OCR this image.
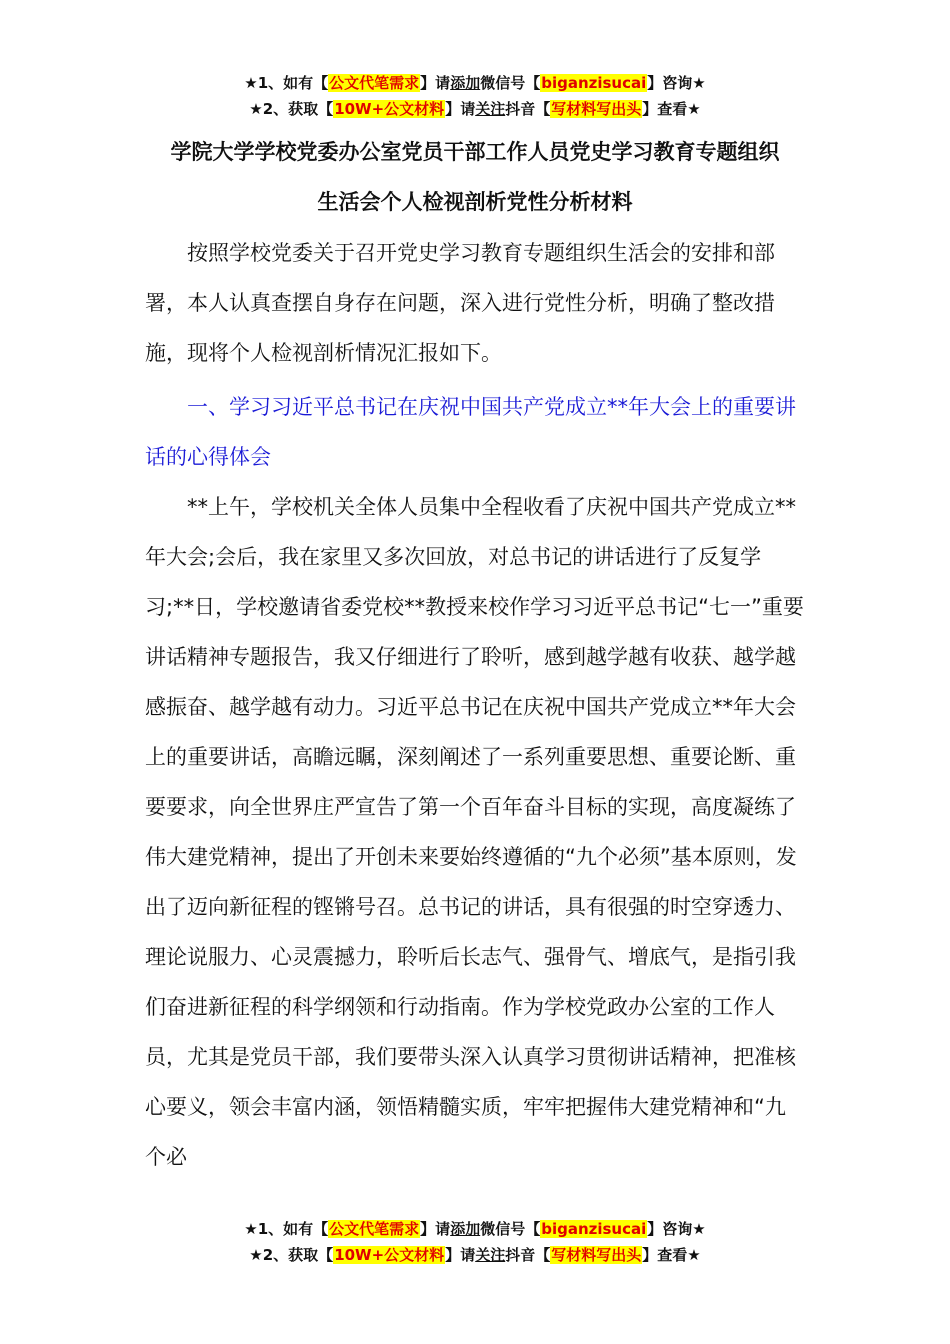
★1、如有【公文代笔需求】请添加微信号【biganzisucai】咨询★
★2、获取【10W+公文材料】请关注抖音【写材料写出头】查看★
学院大学学校党委办公室党员干部工作人员党史学习教育专题组织
生活会个人检视剖析党性分析材料

按照学校党委关于召开党史学习教育专题组织生活会的安排和部署，本人认真查摆自身存在问题，深入进行党性分析，明确了整改措施，现将个人检视剖析情况汇报如下。

一、学习习近平总书记在庆祝中国共产党成立**年大会上的重要讲话的心得体会

**上午，学校机关全体人员集中全程收看了庆祝中国共产党成立**年大会;会后，我在家里又多次回放，对总书记的讲话进行了反复学习;**日，学校邀请省委党校**教授来校作学习习近平总书记“七一”重要讲话精神专题报告，我又仔细进行了聆听，感到越学越有收获、越学越感振奋、越学越有动力。习近平总书记在庆祝中国共产党成立**年大会上的重要讲话，高瞻远瞩，深刻阐述了一系列重要思想、重要论断、重要要求，向全世界庄严宣告了第一个百年奋斗目标的实现，高度凝练了伟大建党精神，提出了开创未来要始终遵循的“九个必须”基本原则，发出了迈向新征程的铿锵号召。总书记的讲话，具有很强的时空穿透力、理论说服力、心灵震撼力，聆听后长志气、强骨气、增底气，是指引我们奋进新征程的科学纲领和行动指南。作为学校党政办公室的工作人员，尤其是党员干部，我们要带头深入认真学习贯彻讲话精神，把准核心要义，领会丰富内涵，领悟精髓实质，牢牢把握伟大建党精神和“九个必

★1、如有【公文代笔需求】请添加微信号【biganzisucai】咨询★
★2、获取【10W+公文材料】请关注抖音【写材料写出头】查看★
